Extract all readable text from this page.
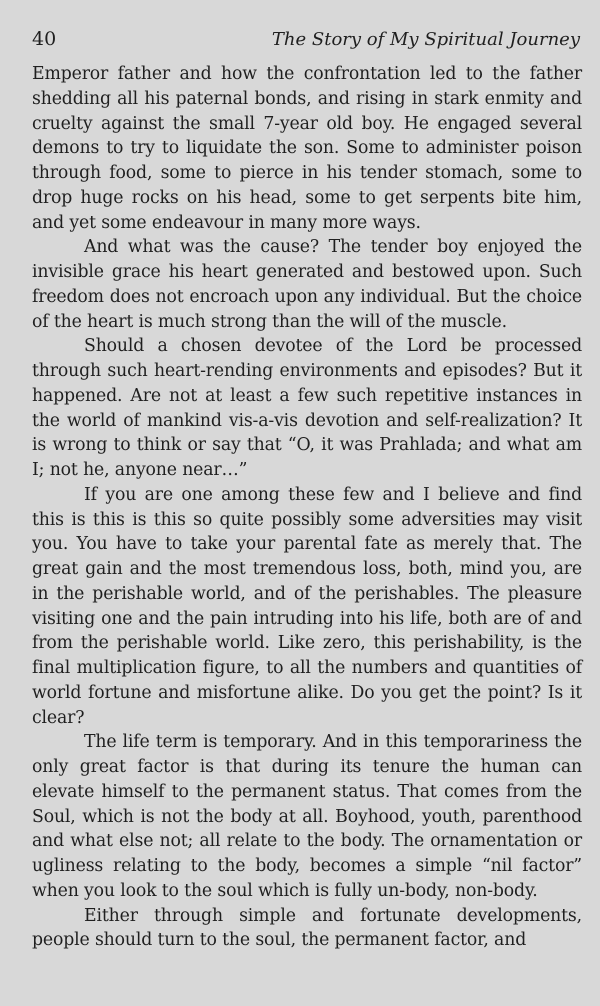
40	The Story of My Spiritual Journey

Emperor father and how the confrontation led to the father shedding all his paternal bonds, and rising in stark enmity and cruelty against the small 7-year old boy. He engaged several demons to try to liquidate the son. Some to administer poison through food, some to pierce in his tender stomach, some to drop huge rocks on his head, some to get serpents bite him, and yet some endeavour in many more ways.

And what was the cause? The tender boy enjoyed the invisible grace his heart generated and bestowed upon. Such freedom does not encroach upon any individual. But the choice of the heart is much strong than the will of the muscle.

Should a chosen devotee of the Lord be processed through such heart-rending environments and episodes? But it happened. Are not at least a few such repetitive instances in the world of mankind vis-a-vis devotion and self-realization? It is wrong to think or say that “O, it was Prahlada; and what am I; not he, anyone near…”

If you are one among these few and I believe and find this is this is this so quite possibly some adversities may visit you. You have to take your parental fate as merely that. The great gain and the most tremendous loss, both, mind you, are in the perishable world, and of the perishables. The pleasure visiting one and the pain intruding into his life, both are of and from the perishable world. Like zero, this perishability, is the final multiplication figure, to all the numbers and quantities of world fortune and misfortune alike. Do you get the point? Is it clear?

The life term is temporary. And in this temporariness the only great factor is that during its tenure the human can elevate himself to the permanent status. That comes from the Soul, which is not the body at all. Boyhood, youth, parenthood and what else not; all relate to the body. The ornamentation or ugliness relating to the body, becomes a simple “nil factor” when you look to the soul which is fully un-body, non-body.

Either through simple and fortunate developments, people should turn to the soul, the permanent factor, and
